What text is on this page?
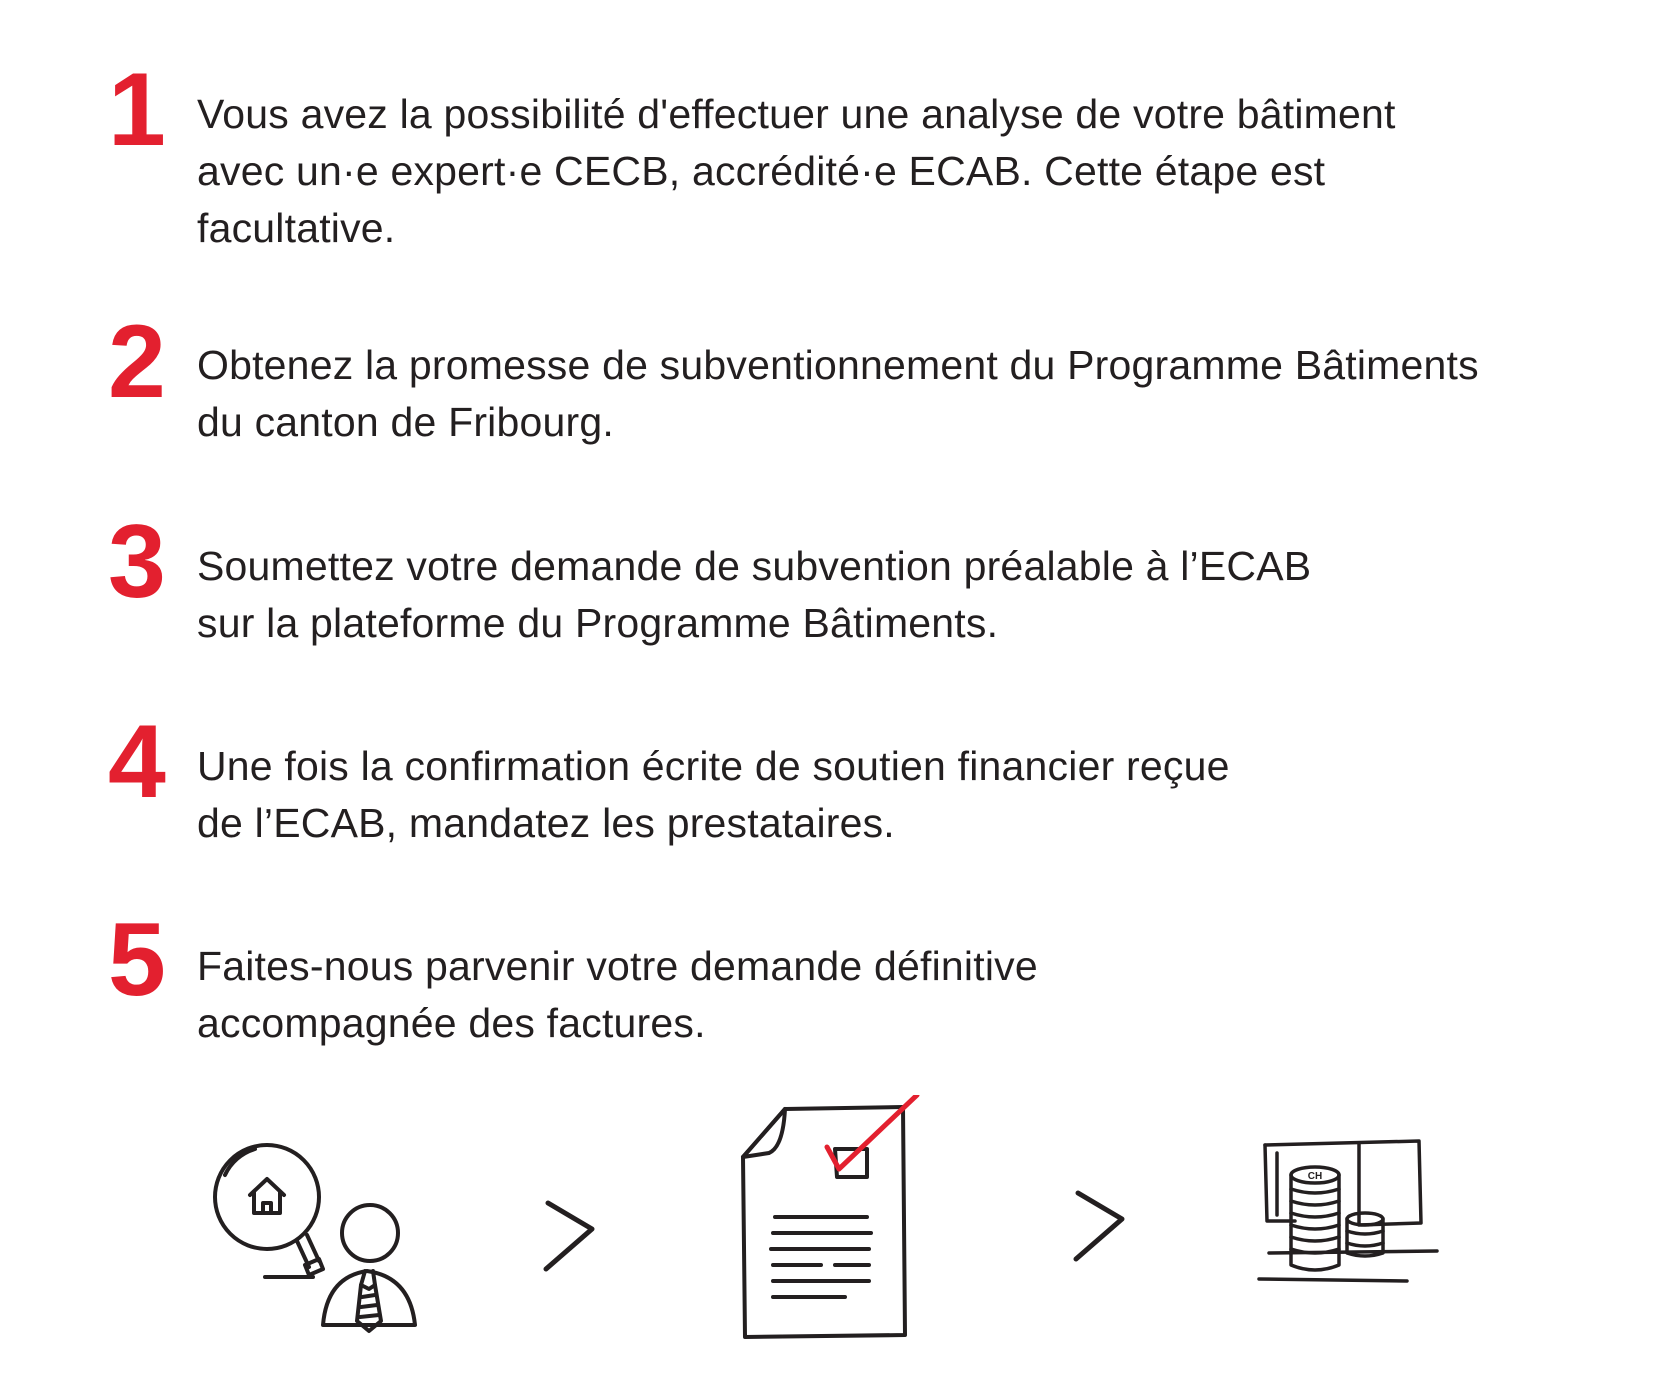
1 Vous avez la possibilité d'effectuer une analyse de votre bâtiment
avec un·e expert·e CECB, accrédité·e ECAB. Cette étape est
facultative.
2 Obtenez la promesse de subventionnement du Programme Bâtiments
du canton de Fribourg.
3 Soumettez votre demande de subvention préalable à l’ECAB
sur la plateforme du Programme Bâtiments.
4 Une fois la confirmation écrite de soutien financier reçue
de l’ECAB, mandatez les prestataires.
5 Faites-nous parvenir votre demande définitive
accompagnée des factures.
CH
